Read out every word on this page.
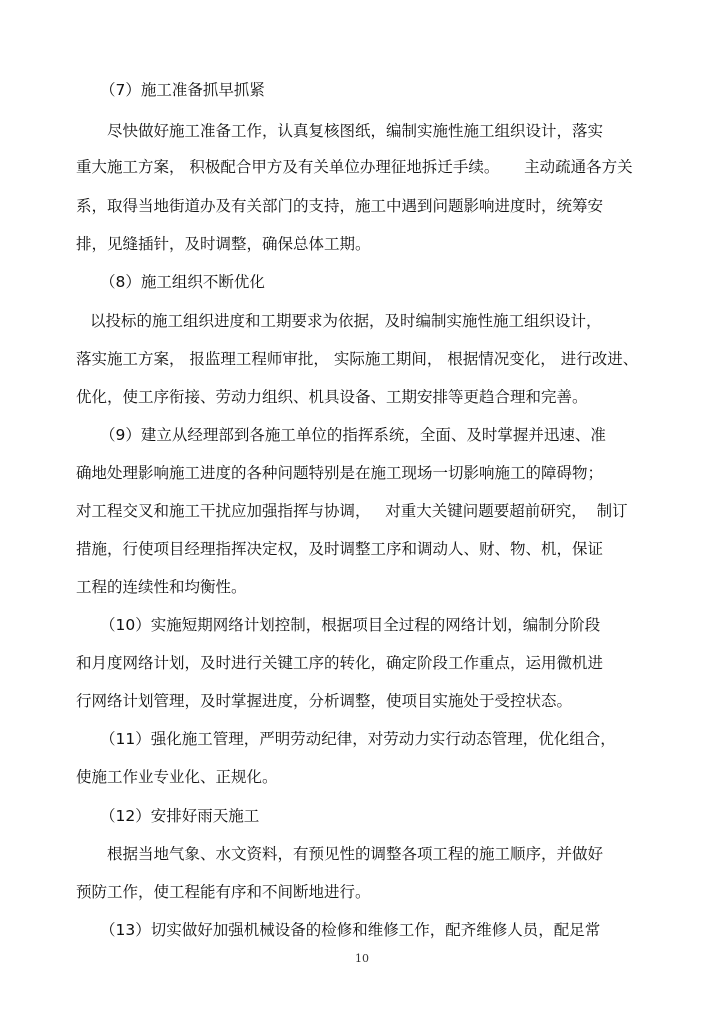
（7）施工准备抓早抓紧
尽快做好施工准备工作，认真复核图纸，编制实施性施工组织设计，落实
重大施工方案， 积极配合甲方及有关单位办理征地拆迁手续。     主动疏通各方关
系，取得当地街道办及有关部门的支持，施工中遇到问题影响进度时，统筹安
排，见缝插针，及时调整，确保总体工期。
（8）施工组织不断优化
以投标的施工组织进度和工期要求为依据，及时编制实施性施工组织设计，
落实施工方案， 报监理工程师审批， 实际施工期间， 根据情况变化， 进行改进、
优化，使工序衔接、劳动力组织、机具设备、工期安排等更趋合理和完善。
（9）建立从经理部到各施工单位的指挥系统，全面、及时掌握并迅速、准
确地处理影响施工进度的各种问题特别是在施工现场一切影响施工的障碍物；
对工程交叉和施工干扰应加强指挥与协调，   对重大关键问题要超前研究，  制订
措施，行使项目经理指挥决定权，及时调整工序和调动人、财、物、机，保证
工程的连续性和均衡性。
（10）实施短期网络计划控制，根据项目全过程的网络计划，编制分阶段
和月度网络计划，及时进行关键工序的转化，确定阶段工作重点，运用微机进
行网络计划管理，及时掌握进度，分析调整，使项目实施处于受控状态。
（11）强化施工管理，严明劳动纪律，对劳动力实行动态管理，优化组合，
使施工作业专业化、正规化。
（12）安排好雨天施工
根据当地气象、水文资料，有预见性的调整各项工程的施工顺序，并做好
预防工作，使工程能有序和不间断地进行。
（13）切实做好加强机械设备的检修和维修工作，配齐维修人员，配足常
10
